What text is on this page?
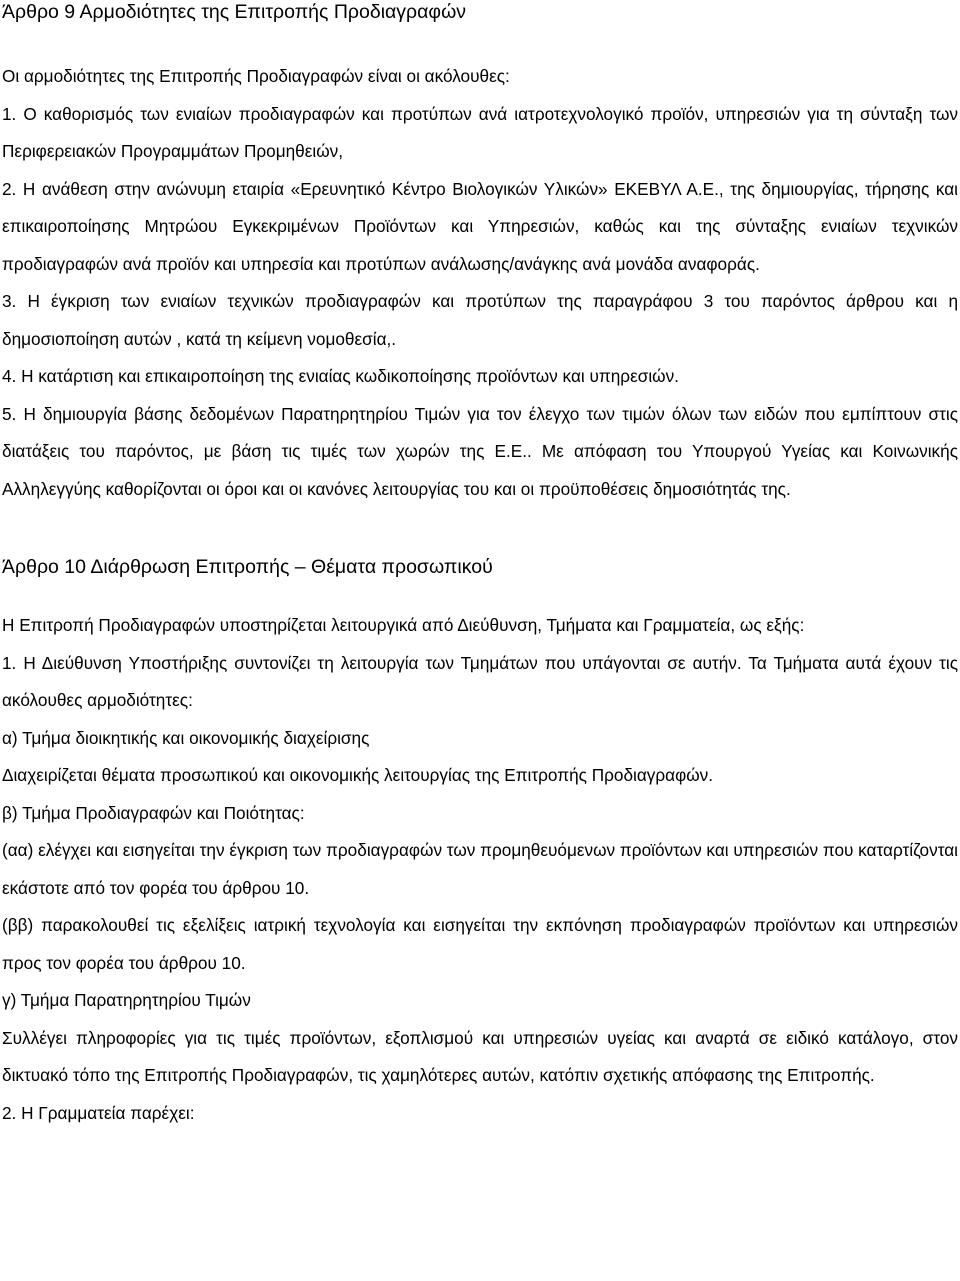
Άρθρο 9 Αρμοδιότητες της Επιτροπής Προδιαγραφών

Οι αρμοδιότητες της Επιτροπής Προδιαγραφών είναι οι ακόλουθες:

1. Ο καθορισμός των ενιαίων προδιαγραφών και προτύπων ανά ιατροτεχνολογικό προϊόν, υπηρεσιών για τη σύνταξη των Περιφερειακών Προγραμμάτων Προμηθειών,

2. Η ανάθεση στην ανώνυμη εταιρία «Ερευνητικό Κέντρο Βιολογικών Υλικών» ΕΚΕΒΥΛ Α.Ε., της δημιουργίας, τήρησης και επικαιροποίησης Μητρώου Εγκεκριμένων Προϊόντων και Υπηρεσιών, καθώς και της σύνταξης ενιαίων τεχνικών προδιαγραφών ανά προϊόν και υπηρεσία και προτύπων ανάλωσης/ανάγκης ανά μονάδα αναφοράς.

3. Η έγκριση των ενιαίων τεχνικών προδιαγραφών και προτύπων της παραγράφου 3 του παρόντος άρθρου και η δημοσιοποίηση αυτών , κατά τη κείμενη νομοθεσία,.

4. Η κατάρτιση και επικαιροποίηση της ενιαίας κωδικοποίησης προϊόντων και υπηρεσιών.

5. Η δημιουργία βάσης δεδομένων Παρατηρητηρίου Τιμών για τον έλεγχο των τιμών όλων των ειδών που εμπίπτουν στις διατάξεις του παρόντος, με βάση τις τιμές των χωρών της Ε.Ε.. Με απόφαση του Υπουργού Υγείας και Κοινωνικής Αλληλεγγύης καθορίζονται οι όροι και οι κανόνες λειτουργίας του και οι προϋποθέσεις δημοσιότητάς της.

Άρθρο 10 Διάρθρωση Επιτροπής – Θέματα προσωπικού

Η Επιτροπή Προδιαγραφών υποστηρίζεται λειτουργικά από Διεύθυνση, Τμήματα και Γραμματεία, ως εξής:

1. Η Διεύθυνση Υποστήριξης συντονίζει τη λειτουργία των Τμημάτων που υπάγονται σε αυτήν. Τα Τμήματα αυτά έχουν τις ακόλουθες αρμοδιότητες:

α) Τμήμα διοικητικής και οικονομικής διαχείρισης

Διαχειρίζεται θέματα προσωπικού και οικονομικής λειτουργίας της Επιτροπής Προδιαγραφών.

β) Τμήμα Προδιαγραφών και Ποιότητας:

(αα) ελέγχει και εισηγείται την έγκριση των προδιαγραφών των προμηθευόμενων προϊόντων και υπηρεσιών που καταρτίζονται εκάστοτε από τον φορέα του άρθρου 10.

(ββ) παρακολουθεί τις εξελίξεις ιατρική τεχνολογία και εισηγείται την εκπόνηση προδιαγραφών προϊόντων και υπηρεσιών προς τον φορέα του άρθρου 10.

γ) Τμήμα Παρατηρητηρίου Τιμών

Συλλέγει πληροφορίες για τις τιμές προϊόντων, εξοπλισμού και υπηρεσιών υγείας και αναρτά σε ειδικό κατάλογο, στον δικτυακό τόπο της Επιτροπής Προδιαγραφών, τις χαμηλότερες αυτών, κατόπιν σχετικής απόφασης της Επιτροπής.

2. Η Γραμματεία παρέχει:
